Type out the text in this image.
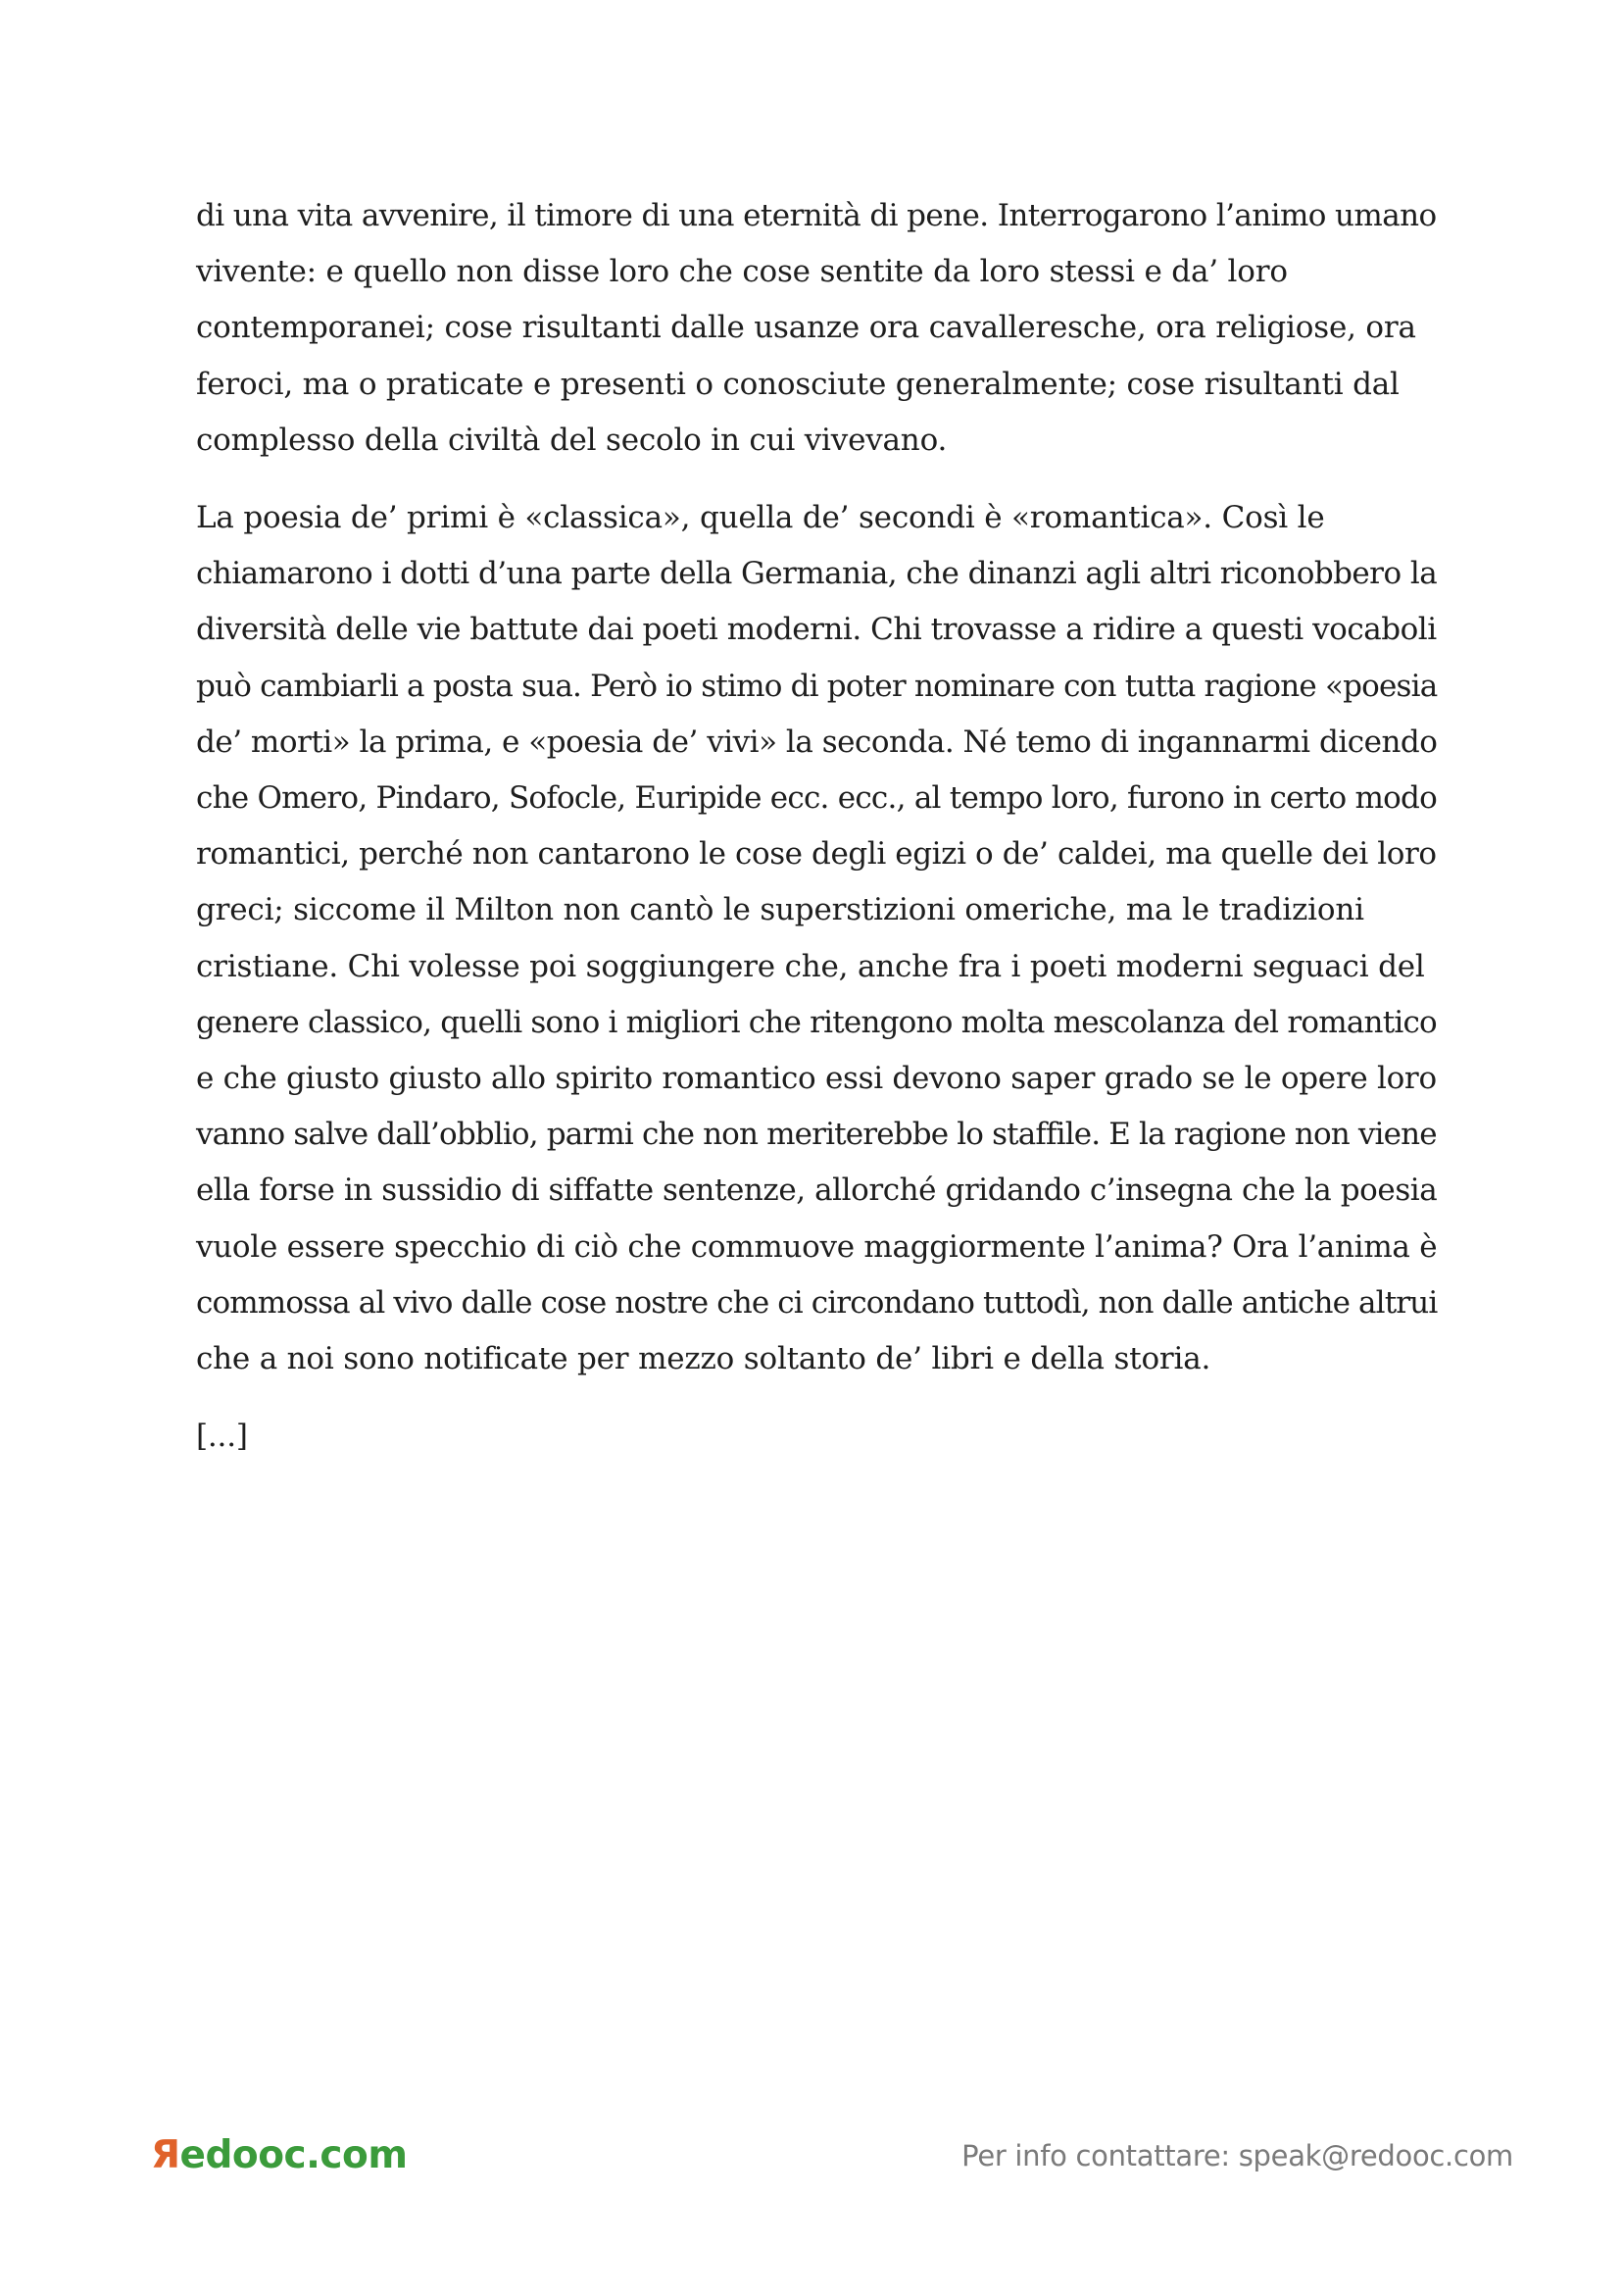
di una vita avvenire, il timore di una eternità di pene. Interrogarono l’animo umano
vivente: e quello non disse loro che cose sentite da loro stessi e da’ loro
contemporanei; cose risultanti dalle usanze ora cavalleresche, ora religiose, ora
feroci, ma o praticate e presenti o conosciute generalmente; cose risultanti dal
complesso della civiltà del secolo in cui vivevano.

La poesia de’ primi è «classica», quella de’ secondi è «romantica». Così le
chiamarono i dotti d’una parte della Germania, che dinanzi agli altri riconobbero la
diversità delle vie battute dai poeti moderni. Chi trovasse a ridire a questi vocaboli
può cambiarli a posta sua. Però io stimo di poter nominare con tutta ragione «poesia
de’ morti» la prima, e «poesia de’ vivi» la seconda. Né temo di ingannarmi dicendo
che Omero, Pindaro, Sofocle, Euripide ecc. ecc., al tempo loro, furono in certo modo
romantici, perché non cantarono le cose degli egizi o de’ caldei, ma quelle dei loro
greci; siccome il Milton non cantò le superstizioni omeriche, ma le tradizioni
cristiane. Chi volesse poi soggiungere che, anche fra i poeti moderni seguaci del
genere classico, quelli sono i migliori che ritengono molta mescolanza del romantico
e che giusto giusto allo spirito romantico essi devono saper grado se le opere loro
vanno salve dall’obblio, parmi che non meriterebbe lo staffile. E la ragione non viene
ella forse in sussidio di siffatte sentenze, allorché gridando c’insegna che la poesia
vuole essere specchio di ciò che commuove maggiormente l’anima? Ora l’anima è
commossa al vivo dalle cose nostre che ci circondano tuttodì, non dalle antiche altrui
che a noi sono notificate per mezzo soltanto de’ libri e della storia.

[...]

Яedooc.com	Per info contattare: speak@redooc.com
